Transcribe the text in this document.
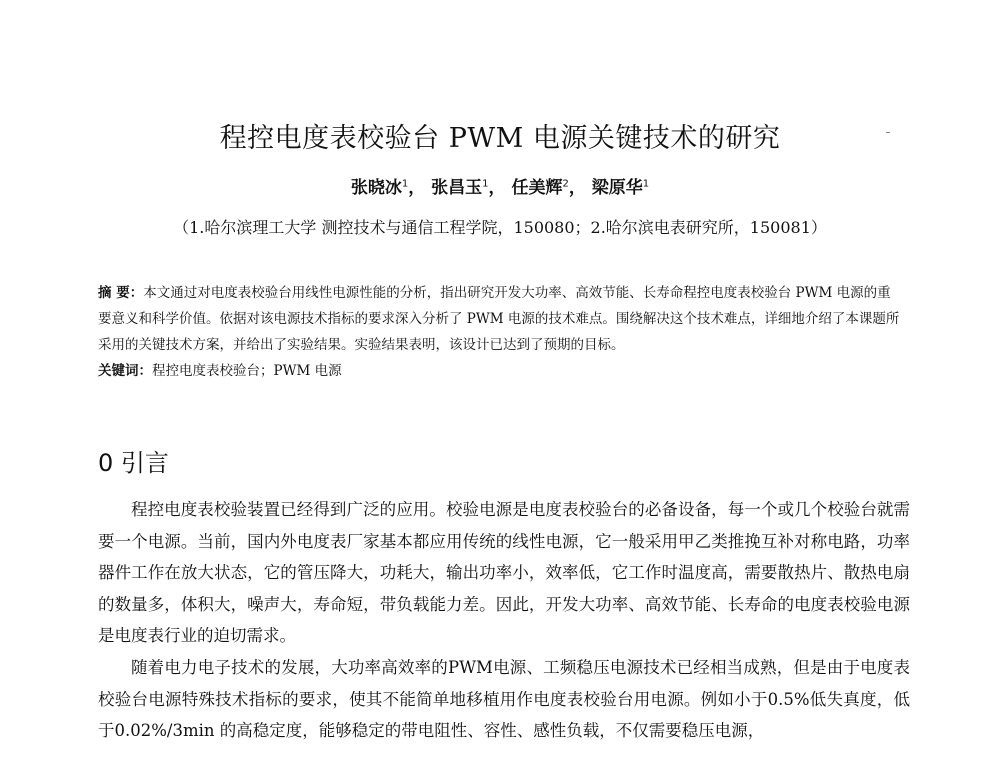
程控电度表校验台 PWM 电源关键技术的研究
张晓冰$^1$， 张昌玉$^1$， 任美辉$^2$， 梁原华$^1$
（1.哈尔滨理工大学 测控技术与通信工程学院，150080；2.哈尔滨电表研究所，150081）
摘 要：本文通过对电度表校验台用线性电源性能的分析，指出研究开发大功率、高效节能、长寿命程控电度表校验台 PWM 电源的重要意义和科学价值。依据对该电源技术指标的要求深入分析了 PWM 电源的技术难点。围绕解决这个技术难点，详细地介绍了本课题所采用的关键技术方案，并给出了实验结果。实验结果表明，该设计已达到了预期的目标。
关键词：程控电度表校验台；PWM 电源
0 引言

程控电度表校验装置已经得到广泛的应用。校验电源是电度表校验台的必备设备，每一个或几个校验台就需要一个电源。当前，国内外电度表厂家基本都应用传统的线性电源，它一般采用甲乙类推挽互补对称电路，功率器件工作在放大状态，它的管压降大，功耗大，输出功率小，效率低，它工作时温度高，需要散热片、散热电扇的数量多，体积大，噪声大，寿命短，带负载能力差。因此，开发大功率、高效节能、长寿命的电度表校验电源是电度表行业的迫切需求。

随着电力电子技术的发展，大功率高效率的PWM电源、工频稳压电源技术已经相当成熟，但是由于电度表校验台电源特殊技术指标的要求，使其不能简单地移植用作电度表校验台用电源。例如小于0.5%低失真度，低于0.02%/3min 的高稳定度，能够稳定的带电阻性、容性、感性负载，不仅需要稳压电源，
